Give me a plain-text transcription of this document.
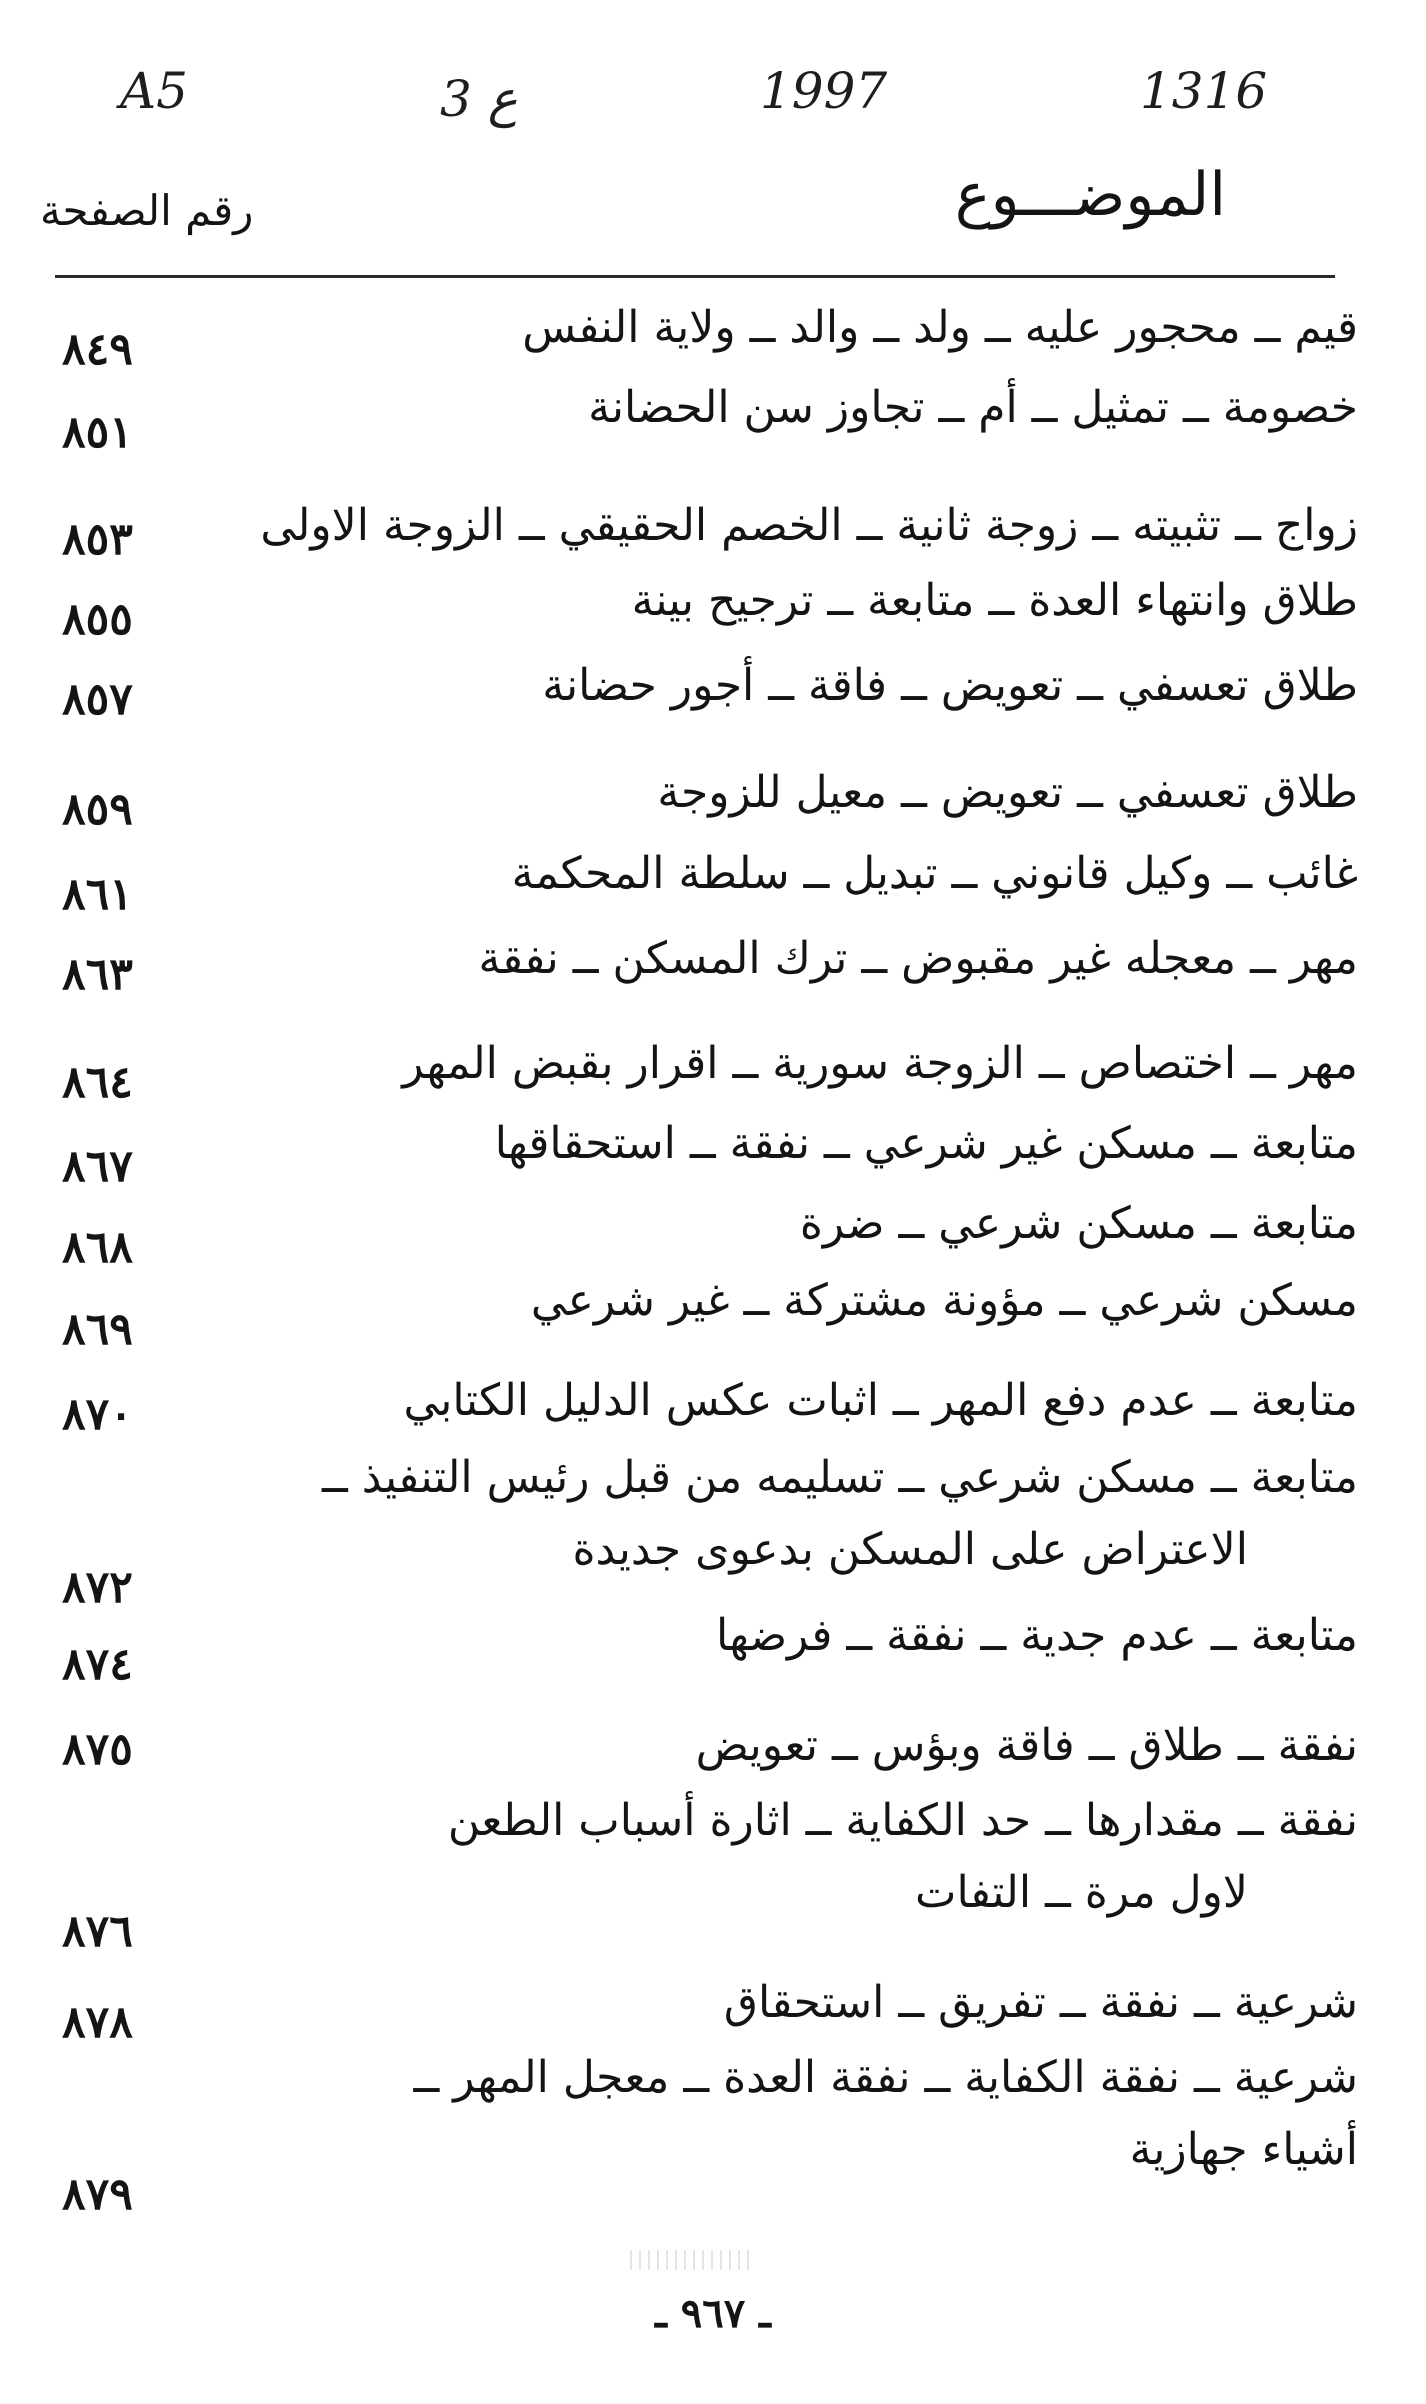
A5	3 ع	1997	1316
الموضـــوع
رقم الصفحة
قيم ــ محجور عليه ــ ولد ــ والد ــ ولاية النفس
٨٤٩
خصومة ــ تمثيل ــ أم ــ تجاوز سن الحضانة
٨٥١
زواج ــ تثبيته ــ زوجة ثانية ــ الخصم الحقيقي ــ الزوجة الاولى
٨٥٣
طلاق وانتهاء العدة ــ متابعة ــ ترجيح بينة
٨٥٥
طلاق تعسفي ــ تعويض ــ فاقة ــ أجور حضانة
٨٥٧
طلاق تعسفي ــ تعويض ــ معيل للزوجة
٨٥٩
غائب ــ وكيل قانوني ــ تبديل ــ سلطة المحكمة
٨٦١
مهر ــ معجله غير مقبوض ــ ترك المسكن ــ نفقة
٨٦٣
مهر ــ اختصاص ــ الزوجة سورية ــ اقرار بقبض المهر
٨٦٤
متابعة ــ مسكن غير شرعي ــ نفقة ــ استحقاقها
٨٦٧
متابعة ــ مسكن شرعي ــ ضرة
٨٦٨
مسكن شرعي ــ مؤونة مشتركة ــ غير شرعي
٨٦٩
متابعة ــ عدم دفع المهر ــ اثبات عكس الدليل الكتابي
٨٧٠
متابعة ــ مسكن شرعي ــ تسليمه من قبل رئيس التنفيذ ــ
الاعتراض على المسكن بدعوى جديدة
٨٧٢
متابعة ــ عدم جدية ــ نفقة ــ فرضها
٨٧٤
نفقة ــ طلاق ــ فاقة وبؤس ــ تعويض
٨٧٥
نفقة ــ مقدارها ــ حد الكفاية ــ اثارة أسباب الطعن
لاول مرة ــ التفات
٨٧٦
شرعية ــ نفقة ــ تفريق ــ استحقاق
٨٧٨
شرعية ــ نفقة الكفاية ــ نفقة العدة ــ معجل المهر ــ
أشياء جهازية
٨٧٩
ـ ٩٦٧ ـ
